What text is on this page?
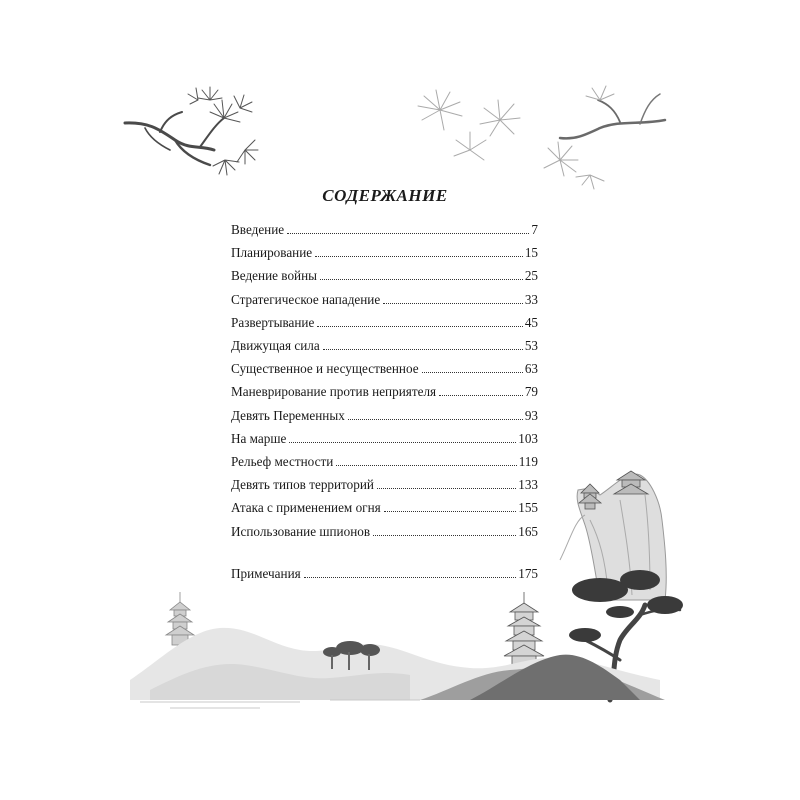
СОДЕРЖАНИЕ
Введение	7
Планирование	15
Ведение войны	25
Стратегическое нападение	33
Развертывание	45
Движущая сила	53
Существенное и несущественное	63
Маневрирование против неприятеля	79
Девять Переменных	93
На марше	103
Рельеф местности	119
Девять типов территорий	133
Атака с применением огня	155
Использование шпионов	165
Примечания	175
